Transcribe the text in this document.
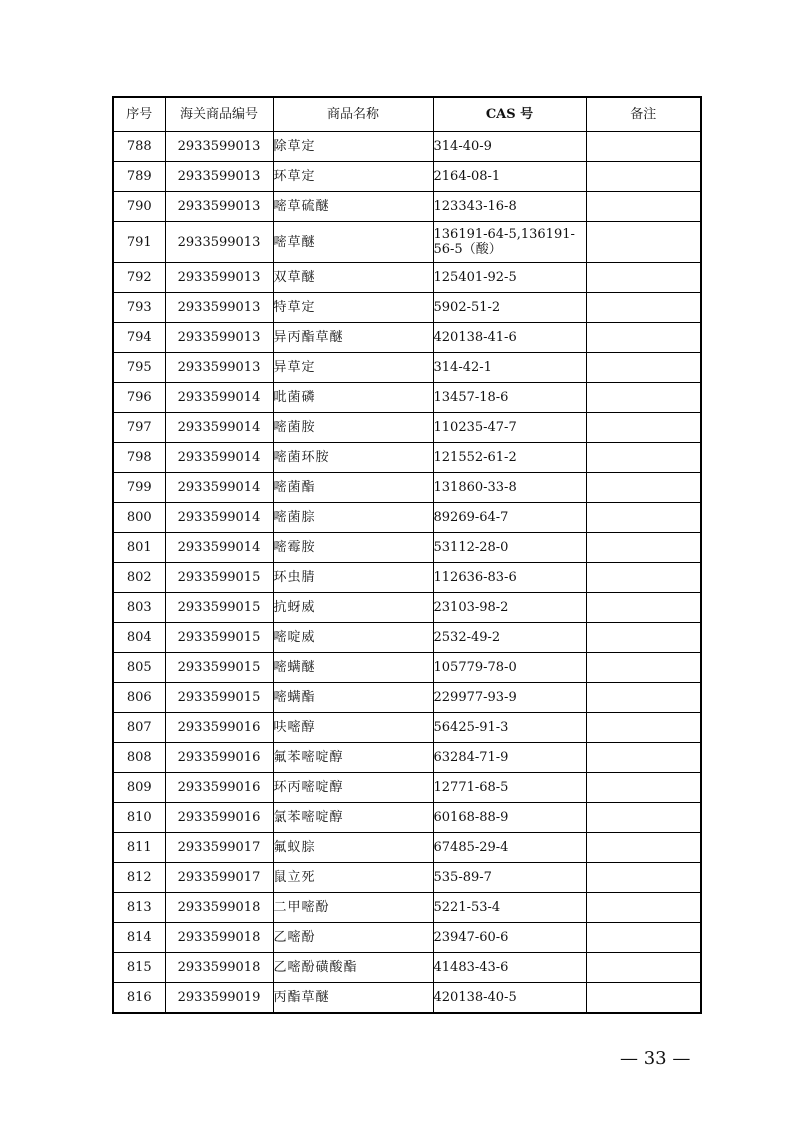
序号	海关商品编号	商品名称	CAS 号	备注
788	2933599013	除草定	314-40-9	
789	2933599013	环草定	2164-08-1	
790	2933599013	嘧草硫醚	123343-16-8	
791	2933599013	嘧草醚	136191-64-5,136191-56-5（酸）	
792	2933599013	双草醚	125401-92-5	
793	2933599013	特草定	5902-51-2	
794	2933599013	异丙酯草醚	420138-41-6	
795	2933599013	异草定	314-42-1	
796	2933599014	吡菌磷	13457-18-6	
797	2933599014	嘧菌胺	110235-47-7	
798	2933599014	嘧菌环胺	121552-61-2	
799	2933599014	嘧菌酯	131860-33-8	
800	2933599014	嘧菌腙	89269-64-7	
801	2933599014	嘧霉胺	53112-28-0	
802	2933599015	环虫腈	112636-83-6	
803	2933599015	抗蚜威	23103-98-2	
804	2933599015	嘧啶威	2532-49-2	
805	2933599015	嘧螨醚	105779-78-0	
806	2933599015	嘧螨酯	229977-93-9	
807	2933599016	呋嘧醇	56425-91-3	
808	2933599016	氟苯嘧啶醇	63284-71-9	
809	2933599016	环丙嘧啶醇	12771-68-5	
810	2933599016	氯苯嘧啶醇	60168-88-9	
811	2933599017	氟蚁腙	67485-29-4	
812	2933599017	鼠立死	535-89-7	
813	2933599018	二甲嘧酚	5221-53-4	
814	2933599018	乙嘧酚	23947-60-6	
815	2933599018	乙嘧酚磺酸酯	41483-43-6	
816	2933599019	丙酯草醚	420138-40-5	
— 33 —
